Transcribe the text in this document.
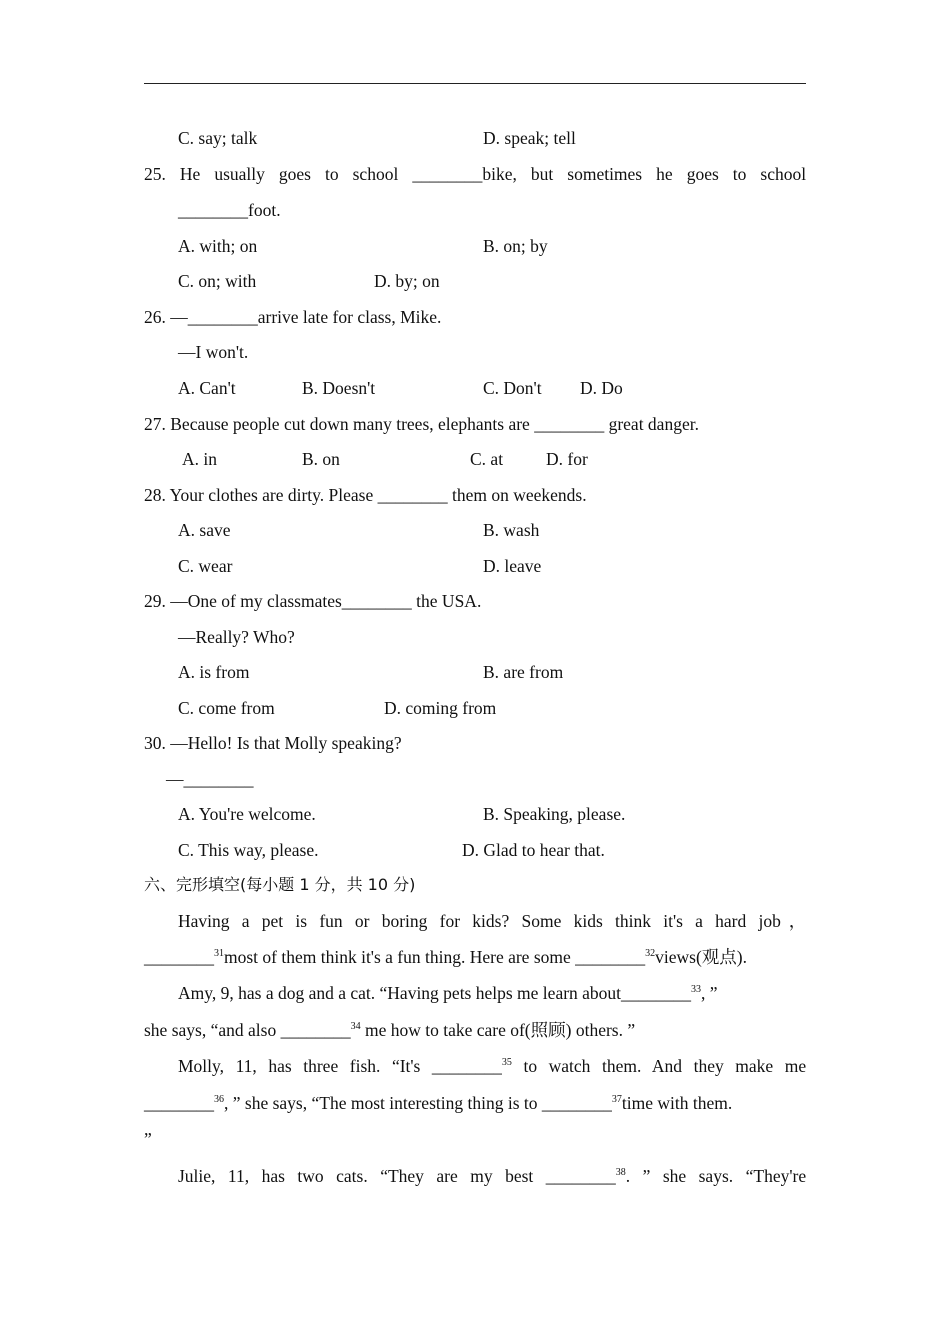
C. say; talk	D. speak; tell
25. He usually goes to school ________bike, but sometimes he goes to school
________foot.
A. with; on	B. on; by
C. on; with	D. by; on
26. —________arrive late for class, Mike.
—I won't.
A. Can't	B. Doesn't	C. Don't D. Do
27. Because people cut down many trees, elephants are ________ great danger.
A. in	B. on	C. at D. for
28. Your clothes are dirty. Please ________ them on weekends.
A. save	B. wash
C. wear	D. leave
29. —One of my classmates________ the USA.
—Really? Who?
A. is from	B. are from
C. come from	D. coming from
30. —Hello! Is that Molly speaking?
—________
A. You're welcome.	B. Speaking, please.
C. This way, please.	D. Glad to hear that.
六、完形填空(每小题 1 分，共 10 分)
Having a pet is fun or boring for kids? Some kids think it's a hard job，
________$^{31}$most of them think it's a fun thing. Here are some ________$^{32}$views(观点).
Amy, 9, has a dog and a cat. “Having pets helps me learn about________$^{33}$, ”
she says, “and also ________$^{34}$ me how to take care of(照顾) others. ”
Molly, 11, has three fish. “It's ________$^{35}$ to watch them. And they make me
________$^{36}$, ” she says, “The most interesting thing is to ________$^{37}$time with them.
”
Julie, 11, has two cats. “They are my best ________$^{38}$. ” she says. “They're
